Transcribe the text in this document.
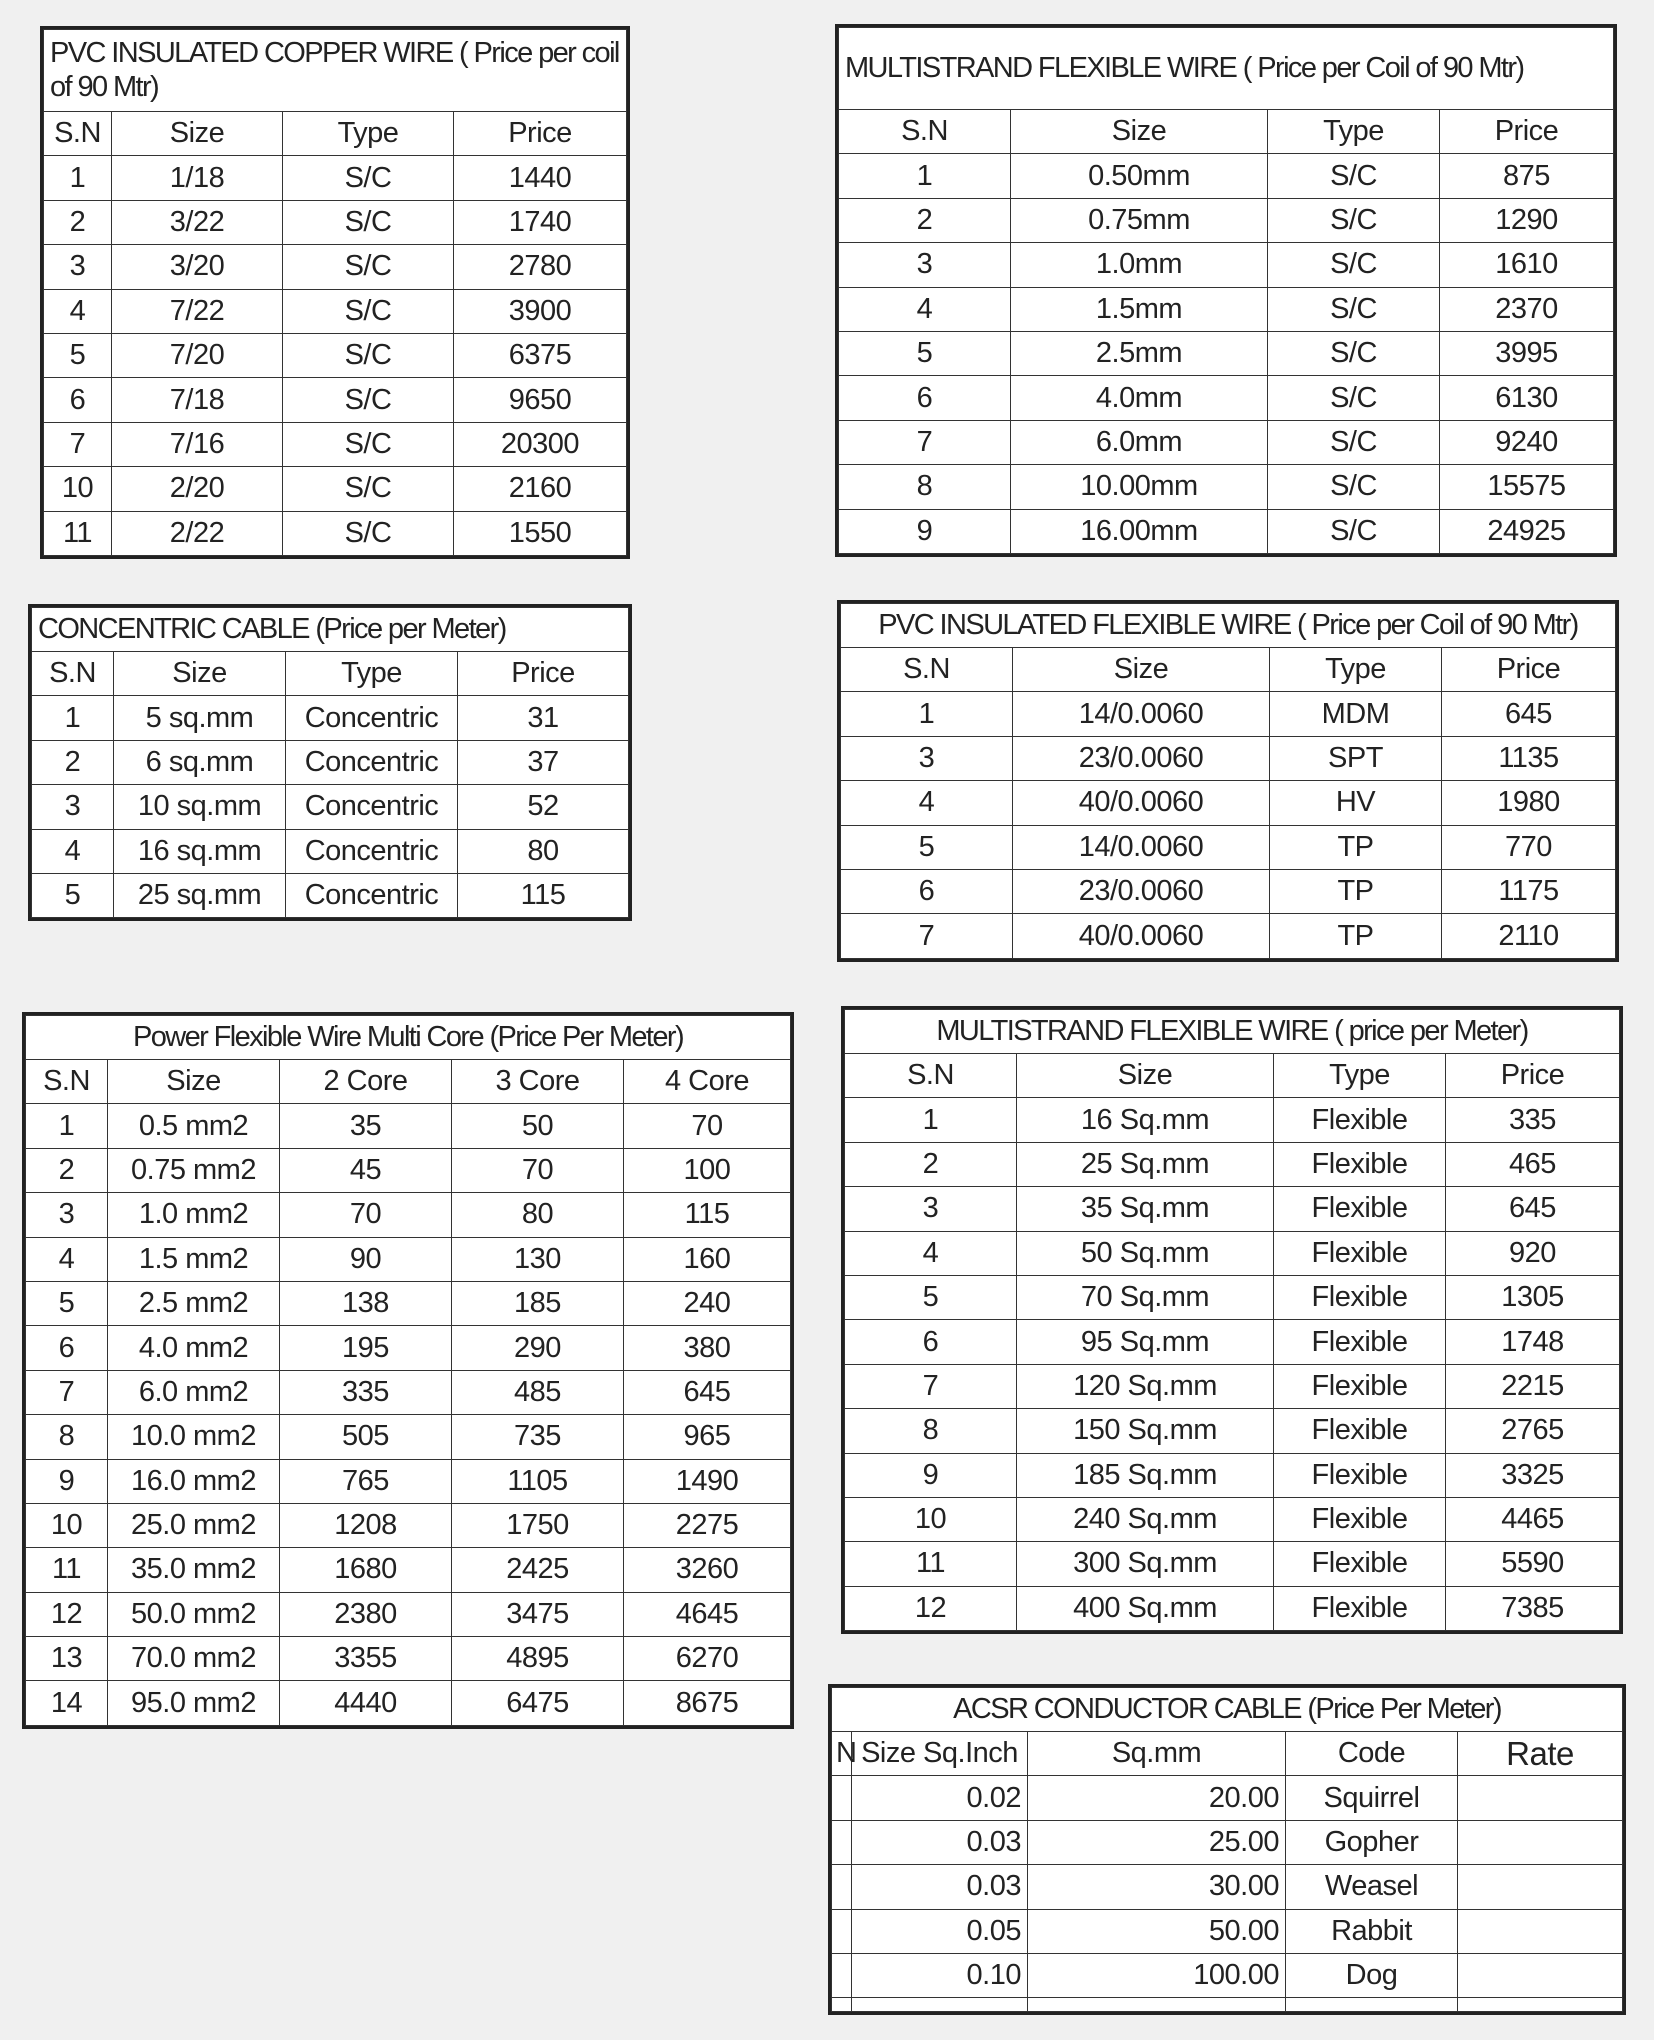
PVC INSULATED COPPER WIRE ( Price per coil of 90 Mtr)			
S.N	Size	Type	Price
1	1/18	S/C	1440
2	3/22	S/C	1740
3	3/20	S/C	2780
4	7/22	S/C	3900
5	7/20	S/C	6375
6	7/18	S/C	9650
7	7/16	S/C	20300
10	2/20	S/C	2160
11	2/22	S/C	1550
MULTISTRAND FLEXIBLE WIRE ( Price per Coil of 90 Mtr)			
S.N	Size	Type	Price
1	0.50mm	S/C	875
2	0.75mm	S/C	1290
3	1.0mm	S/C	1610
4	1.5mm	S/C	2370
5	2.5mm	S/C	3995
6	4.0mm	S/C	6130
7	6.0mm	S/C	9240
8	10.00mm	S/C	15575
9	16.00mm	S/C	24925
CONCENTRIC CABLE (Price per Meter)			
S.N	Size	Type	Price
1	5 sq.mm	Concentric	31
2	6 sq.mm	Concentric	37
3	10 sq.mm	Concentric	52
4	16 sq.mm	Concentric	80
5	25 sq.mm	Concentric	115
PVC INSULATED FLEXIBLE WIRE ( Price per Coil of 90 Mtr)			
S.N	Size	Type	Price
1	14/0.0060	MDM	645
3	23/0.0060	SPT	1135
4	40/0.0060	HV	1980
5	14/0.0060	TP	770
6	23/0.0060	TP	1175
7	40/0.0060	TP	2110
Power Flexible Wire Multi Core (Price Per Meter)				
S.N	Size	2 Core	3 Core	4 Core
1	0.5 mm2	35	50	70
2	0.75 mm2	45	70	100
3	1.0 mm2	70	80	115
4	1.5 mm2	90	130	160
5	2.5 mm2	138	185	240
6	4.0 mm2	195	290	380
7	6.0 mm2	335	485	645
8	10.0 mm2	505	735	965
9	16.0 mm2	765	1105	1490
10	25.0 mm2	1208	1750	2275
11	35.0 mm2	1680	2425	3260
12	50.0 mm2	2380	3475	4645
13	70.0 mm2	3355	4895	6270
14	95.0 mm2	4440	6475	8675
MULTISTRAND FLEXIBLE WIRE ( price per Meter)			
S.N	Size	Type	Price
1	16 Sq.mm	Flexible	335
2	25 Sq.mm	Flexible	465
3	35 Sq.mm	Flexible	645
4	50 Sq.mm	Flexible	920
5	70 Sq.mm	Flexible	1305
6	95 Sq.mm	Flexible	1748
7	120 Sq.mm	Flexible	2215
8	150 Sq.mm	Flexible	2765
9	185 Sq.mm	Flexible	3325
10	240 Sq.mm	Flexible	4465
11	300 Sq.mm	Flexible	5590
12	400 Sq.mm	Flexible	7385
ACSR CONDUCTOR CABLE (Price Per Meter)				
N	Size Sq.Inch	Sq.mm	Code	Rate
	0.02	20.00	Squirrel	
	0.03	25.00	Gopher	
	0.03	30.00	Weasel	
	0.05	50.00	Rabbit	
	0.10	100.00	Dog	
